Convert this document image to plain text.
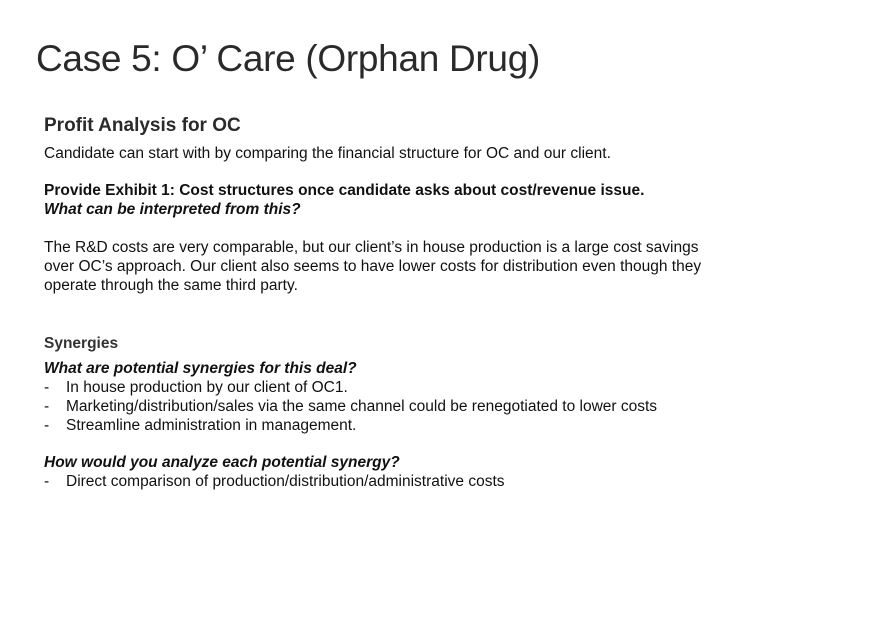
Case 5: O’ Care (Orphan Drug)
Profit Analysis for OC
Candidate can start with by comparing the financial structure for OC and our client.
Provide Exhibit 1: Cost structures once candidate asks about cost/revenue issue.
What can be interpreted from this?
The R&D costs are very comparable, but our client’s in house production is a large cost savings
over OC’s approach. Our client also seems to have lower costs for distribution even though they
operate through the same third party.
Synergies
What are potential synergies for this deal?
-	In house production by our client of OC1.
-	Marketing/distribution/sales via the same channel could be renegotiated to lower costs
-	Streamline administration in management.
How would you analyze each potential synergy?
-	Direct comparison of production/distribution/administrative costs
